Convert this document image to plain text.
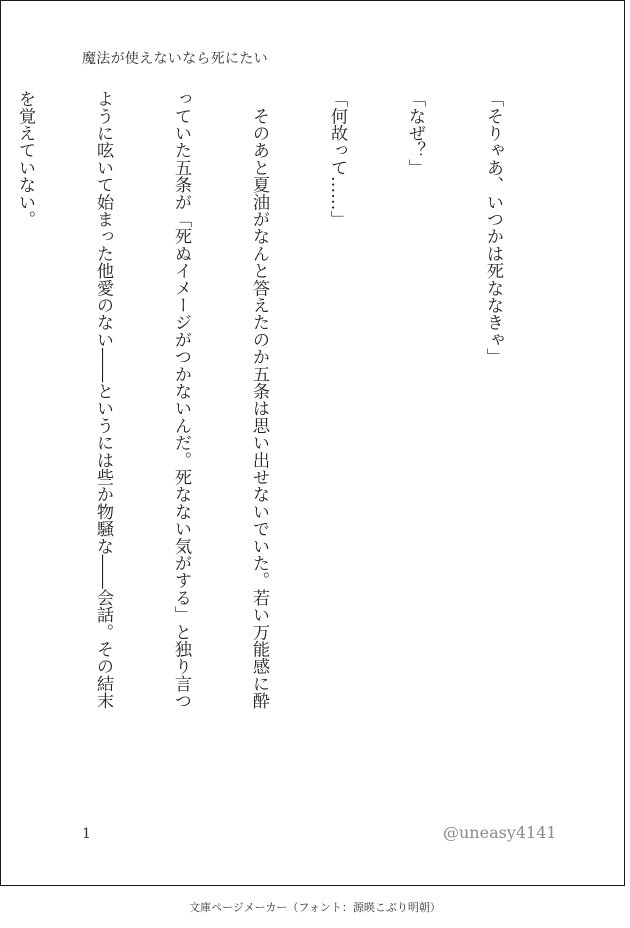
魔法が使えないなら死にたい

「そりゃあ、いつかは死ななきゃ」

「なぜ？」

「何故って……」

　そのあと夏油がなんと答えたのか五条は思い出せないでいた。若い万能感に酔

っていた五条が「死ぬイメージがつかないんだ。死なない気がする」と独り言つ

ように呟いて始まった他愛のない――というには些か物騒な――会話。その結末

を覚えていない。

1	@uneasy4141
文庫ページメーカー（フォント：源暎こぶり明朝）
